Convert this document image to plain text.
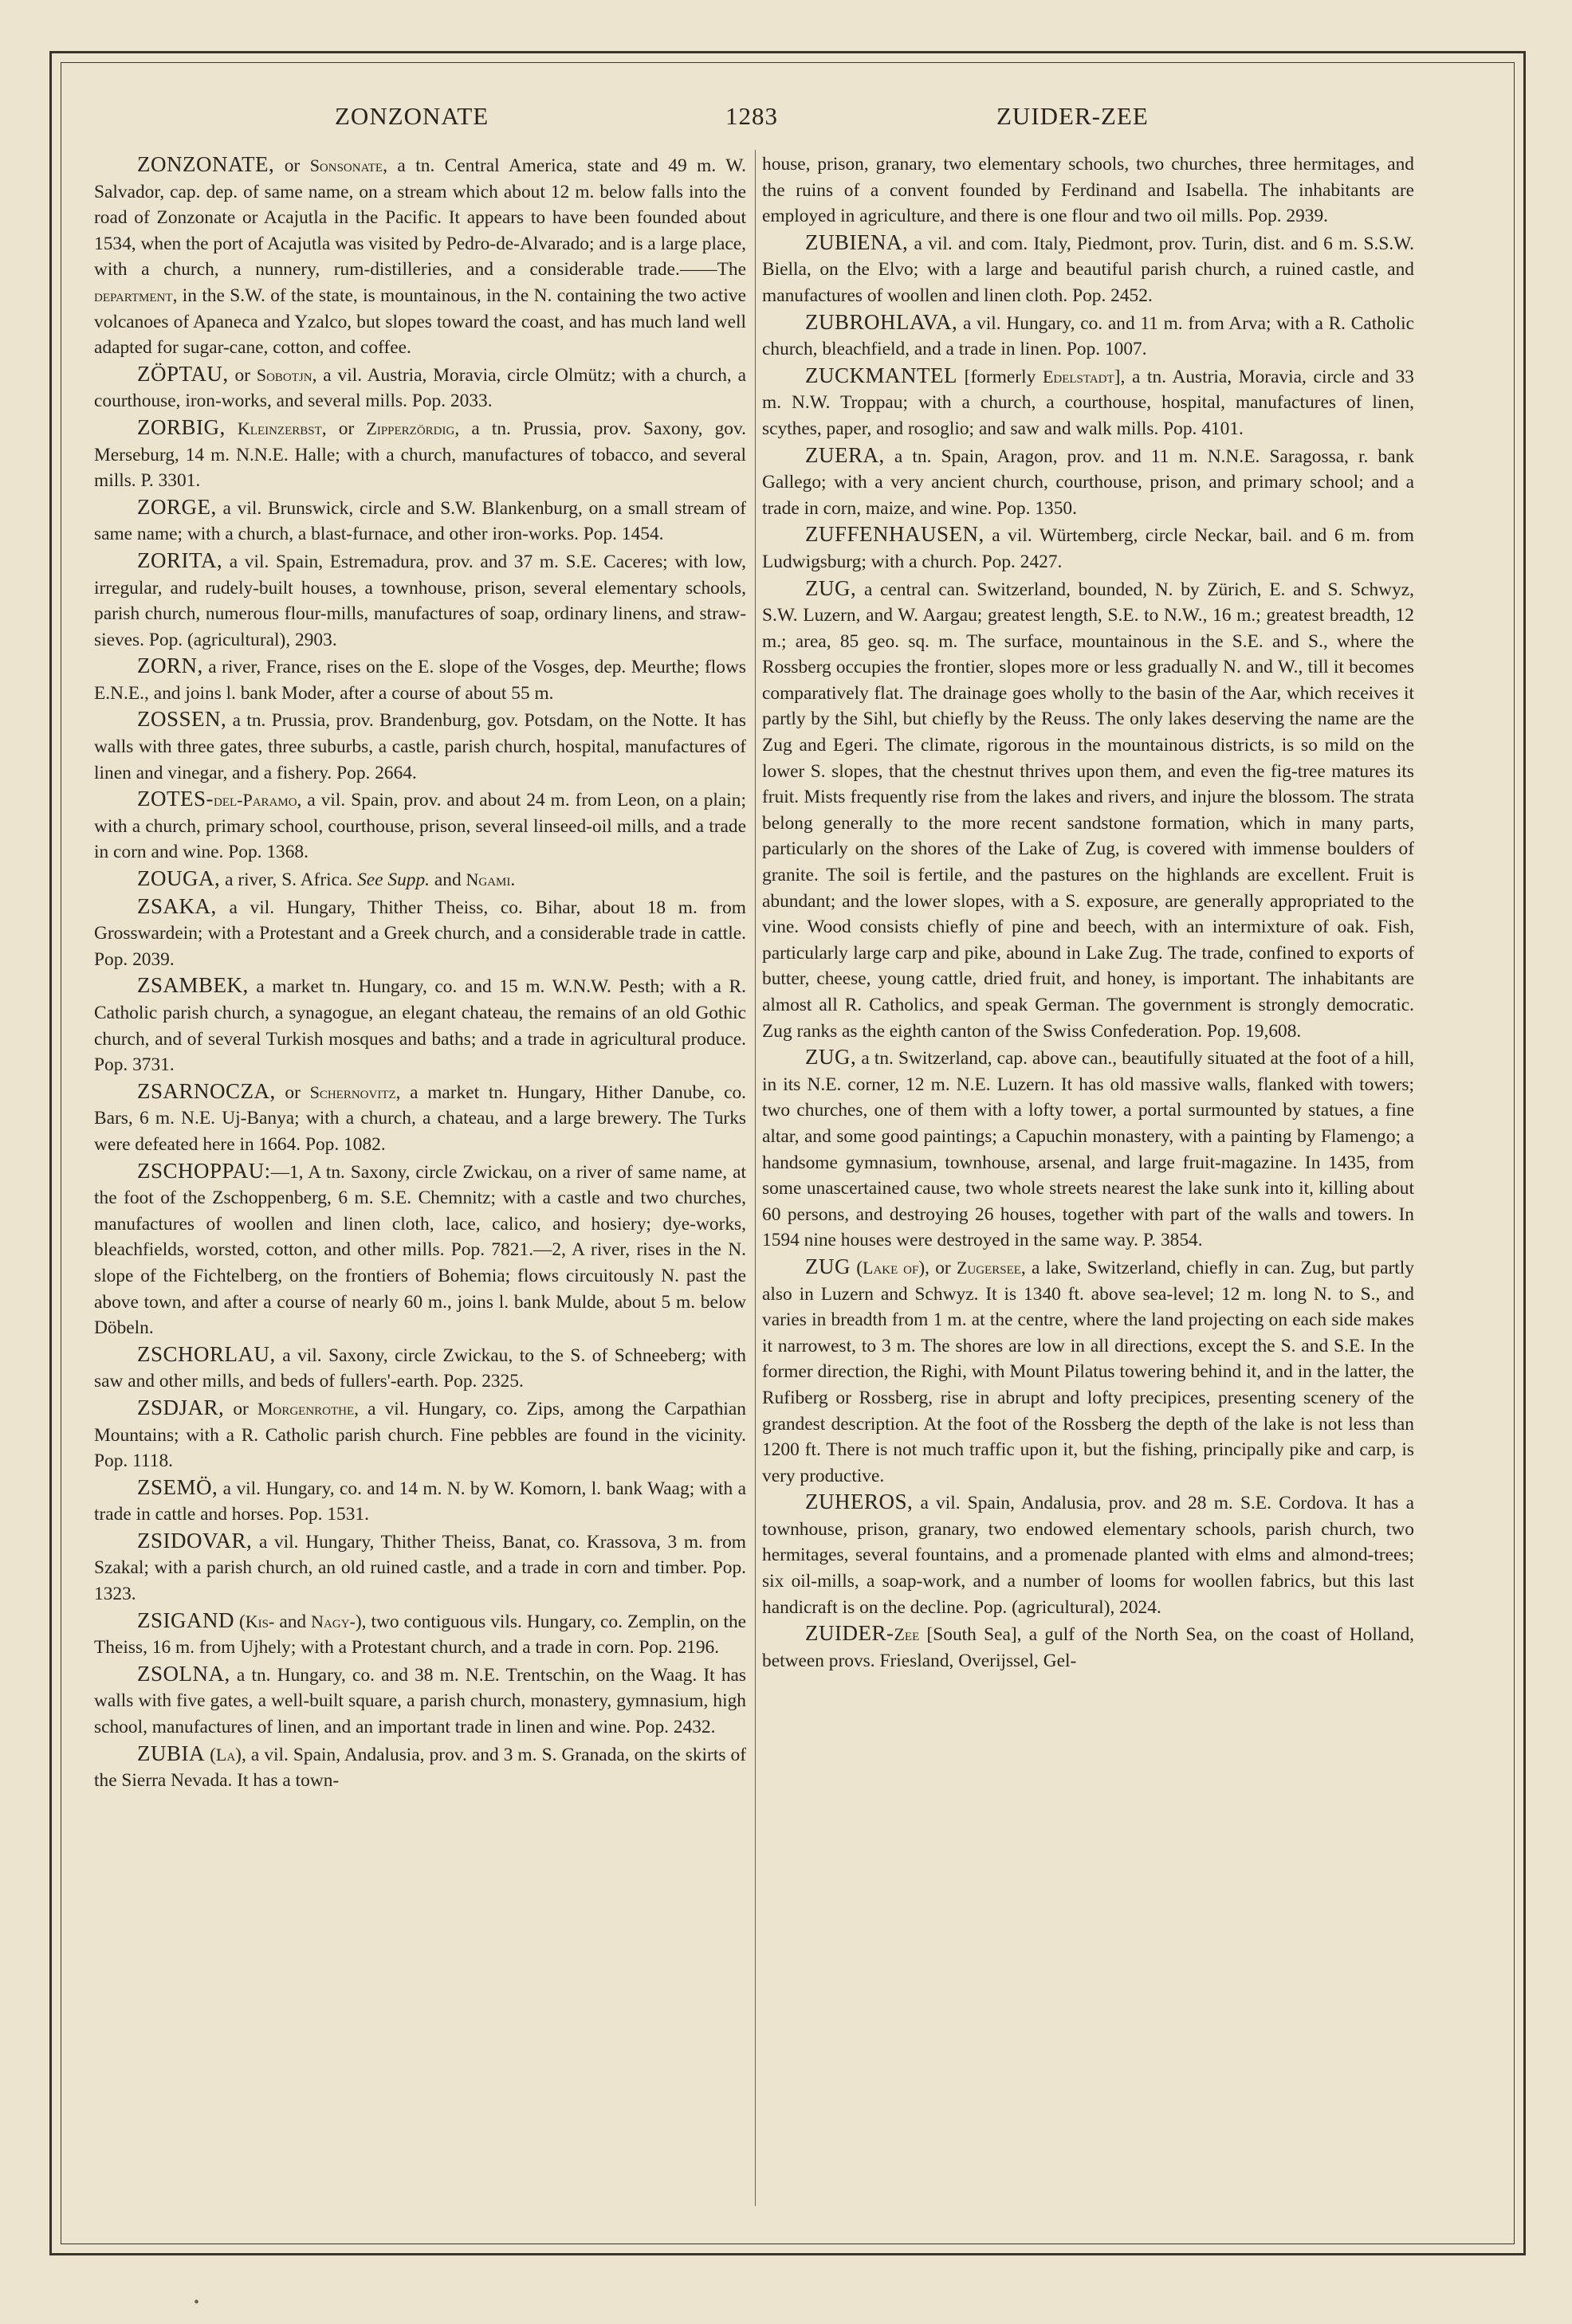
ZONZONATE	1283	ZUIDER-ZEE

ZONZONATE, or Sonsonate, a tn. Central America, state and 49 m. W. Salvador, cap. dep. of same name, on a stream which about 12 m. below falls into the road of Zonzonate or Acajutla in the Pacific. It appears to have been founded about 1534, when the port of Acajutla was visited by Pedro-de-Alvarado; and is a large place, with a church, a nunnery, rum-distilleries, and a considerable trade.——The department, in the S.W. of the state, is mountainous, in the N. containing the two active volcanoes of Apaneca and Yzalco, but slopes toward the coast, and has much land well adapted for sugar-cane, cotton, and coffee.

ZÖPTAU, or Sobotjn, a vil. Austria, Moravia, circle Olmütz; with a church, a courthouse, iron-works, and several mills. Pop. 2033.

ZORBIG, Kleinzerbst, or Zipperzördig, a tn. Prussia, prov. Saxony, gov. Merseburg, 14 m. N.N.E. Halle; with a church, manufactures of tobacco, and several mills. P. 3301.

ZORGE, a vil. Brunswick, circle and S.W. Blankenburg, on a small stream of same name; with a church, a blast-furnace, and other iron-works. Pop. 1454.

ZORITA, a vil. Spain, Estremadura, prov. and 37 m. S.E. Caceres; with low, irregular, and rudely-built houses, a townhouse, prison, several elementary schools, parish church, numerous flour-mills, manufactures of soap, ordinary linens, and straw-sieves. Pop. (agricultural), 2903.

ZORN, a river, France, rises on the E. slope of the Vosges, dep. Meurthe; flows E.N.E., and joins l. bank Moder, after a course of about 55 m.

ZOSSEN, a tn. Prussia, prov. Brandenburg, gov. Potsdam, on the Notte. It has walls with three gates, three suburbs, a castle, parish church, hospital, manufactures of linen and vinegar, and a fishery. Pop. 2664.

ZOTES-del-Paramo, a vil. Spain, prov. and about 24 m. from Leon, on a plain; with a church, primary school, courthouse, prison, several linseed-oil mills, and a trade in corn and wine. Pop. 1368.

ZOUGA, a river, S. Africa. See Supp. and Ngami.

ZSAKA, a vil. Hungary, Thither Theiss, co. Bihar, about 18 m. from Grosswardein; with a Protestant and a Greek church, and a considerable trade in cattle. Pop. 2039.

ZSAMBEK, a market tn. Hungary, co. and 15 m. W.N.W. Pesth; with a R. Catholic parish church, a synagogue, an elegant chateau, the remains of an old Gothic church, and of several Turkish mosques and baths; and a trade in agricultural produce. Pop. 3731.

ZSARNOCZA, or Schernovitz, a market tn. Hungary, Hither Danube, co. Bars, 6 m. N.E. Uj-Banya; with a church, a chateau, and a large brewery. The Turks were defeated here in 1664. Pop. 1082.

ZSCHOPPAU:—1, A tn. Saxony, circle Zwickau, on a river of same name, at the foot of the Zschoppenberg, 6 m. S.E. Chemnitz; with a castle and two churches, manufactures of woollen and linen cloth, lace, calico, and hosiery; dye-works, bleachfields, worsted, cotton, and other mills. Pop. 7821.—2, A river, rises in the N. slope of the Fichtelberg, on the frontiers of Bohemia; flows circuitously N. past the above town, and after a course of nearly 60 m., joins l. bank Mulde, about 5 m. below Döbeln.

ZSCHORLAU, a vil. Saxony, circle Zwickau, to the S. of Schneeberg; with saw and other mills, and beds of fullers'-earth. Pop. 2325.

ZSDJAR, or Morgenrothe, a vil. Hungary, co. Zips, among the Carpathian Mountains; with a R. Catholic parish church. Fine pebbles are found in the vicinity. Pop. 1118.

ZSEMÖ, a vil. Hungary, co. and 14 m. N. by W. Komorn, l. bank Waag; with a trade in cattle and horses. Pop. 1531.

ZSIDOVAR, a vil. Hungary, Thither Theiss, Banat, co. Krassova, 3 m. from Szakal; with a parish church, an old ruined castle, and a trade in corn and timber. Pop. 1323.

ZSIGAND (Kis- and Nagy-), two contiguous vils. Hungary, co. Zemplin, on the Theiss, 16 m. from Ujhely; with a Protestant church, and a trade in corn. Pop. 2196.

ZSOLNA, a tn. Hungary, co. and 38 m. N.E. Trentschin, on the Waag. It has walls with five gates, a well-built square, a parish church, monastery, gymnasium, high school, manufactures of linen, and an important trade in linen and wine. Pop. 2432.

ZUBIA (La), a vil. Spain, Andalusia, prov. and 3 m. S. Granada, on the skirts of the Sierra Nevada. It has a town-

house, prison, granary, two elementary schools, two churches, three hermitages, and the ruins of a convent founded by Ferdinand and Isabella. The inhabitants are employed in agriculture, and there is one flour and two oil mills. Pop. 2939.

ZUBIENA, a vil. and com. Italy, Piedmont, prov. Turin, dist. and 6 m. S.S.W. Biella, on the Elvo; with a large and beautiful parish church, a ruined castle, and manufactures of woollen and linen cloth. Pop. 2452.

ZUBROHLAVA, a vil. Hungary, co. and 11 m. from Arva; with a R. Catholic church, bleachfield, and a trade in linen. Pop. 1007.

ZUCKMANTEL [formerly Edelstadt], a tn. Austria, Moravia, circle and 33 m. N.W. Troppau; with a church, a courthouse, hospital, manufactures of linen, scythes, paper, and rosoglio; and saw and walk mills. Pop. 4101.

ZUERA, a tn. Spain, Aragon, prov. and 11 m. N.N.E. Saragossa, r. bank Gallego; with a very ancient church, courthouse, prison, and primary school; and a trade in corn, maize, and wine. Pop. 1350.

ZUFFENHAUSEN, a vil. Würtemberg, circle Neckar, bail. and 6 m. from Ludwigsburg; with a church. Pop. 2427.

ZUG, a central can. Switzerland, bounded, N. by Zürich, E. and S. Schwyz, S.W. Luzern, and W. Aargau; greatest length, S.E. to N.W., 16 m.; greatest breadth, 12 m.; area, 85 geo. sq. m. The surface, mountainous in the S.E. and S., where the Rossberg occupies the frontier, slopes more or less gradually N. and W., till it becomes comparatively flat. The drainage goes wholly to the basin of the Aar, which receives it partly by the Sihl, but chiefly by the Reuss. The only lakes deserving the name are the Zug and Egeri. The climate, rigorous in the mountainous districts, is so mild on the lower S. slopes, that the chestnut thrives upon them, and even the fig-tree matures its fruit. Mists frequently rise from the lakes and rivers, and injure the blossom. The strata belong generally to the more recent sandstone formation, which in many parts, particularly on the shores of the Lake of Zug, is covered with immense boulders of granite. The soil is fertile, and the pastures on the highlands are excellent. Fruit is abundant; and the lower slopes, with a S. exposure, are generally appropriated to the vine. Wood consists chiefly of pine and beech, with an intermixture of oak. Fish, particularly large carp and pike, abound in Lake Zug. The trade, confined to exports of butter, cheese, young cattle, dried fruit, and honey, is important. The inhabitants are almost all R. Catholics, and speak German. The government is strongly democratic. Zug ranks as the eighth canton of the Swiss Confederation. Pop. 19,608.

ZUG, a tn. Switzerland, cap. above can., beautifully situated at the foot of a hill, in its N.E. corner, 12 m. N.E. Luzern. It has old massive walls, flanked with towers; two churches, one of them with a lofty tower, a portal surmounted by statues, a fine altar, and some good paintings; a Capuchin monastery, with a painting by Flamengo; a handsome gymnasium, townhouse, arsenal, and large fruit-magazine. In 1435, from some unascertained cause, two whole streets nearest the lake sunk into it, killing about 60 persons, and destroying 26 houses, together with part of the walls and towers. In 1594 nine houses were destroyed in the same way. P. 3854.

ZUG (Lake of), or Zugersee, a lake, Switzerland, chiefly in can. Zug, but partly also in Luzern and Schwyz. It is 1340 ft. above sea-level; 12 m. long N. to S., and varies in breadth from 1 m. at the centre, where the land projecting on each side makes it narrowest, to 3 m. The shores are low in all directions, except the S. and S.E. In the former direction, the Righi, with Mount Pilatus towering behind it, and in the latter, the Rufiberg or Rossberg, rise in abrupt and lofty precipices, presenting scenery of the grandest description. At the foot of the Rossberg the depth of the lake is not less than 1200 ft. There is not much traffic upon it, but the fishing, principally pike and carp, is very productive.

ZUHEROS, a vil. Spain, Andalusia, prov. and 28 m. S.E. Cordova. It has a townhouse, prison, granary, two endowed elementary schools, parish church, two hermitages, several fountains, and a promenade planted with elms and almond-trees; six oil-mills, a soap-work, and a number of looms for woollen fabrics, but this last handicraft is on the decline. Pop. (agricultural), 2024.

ZUIDER-Zee [South Sea], a gulf of the North Sea, on the coast of Holland, between provs. Friesland, Overijssel, Gel-

•
